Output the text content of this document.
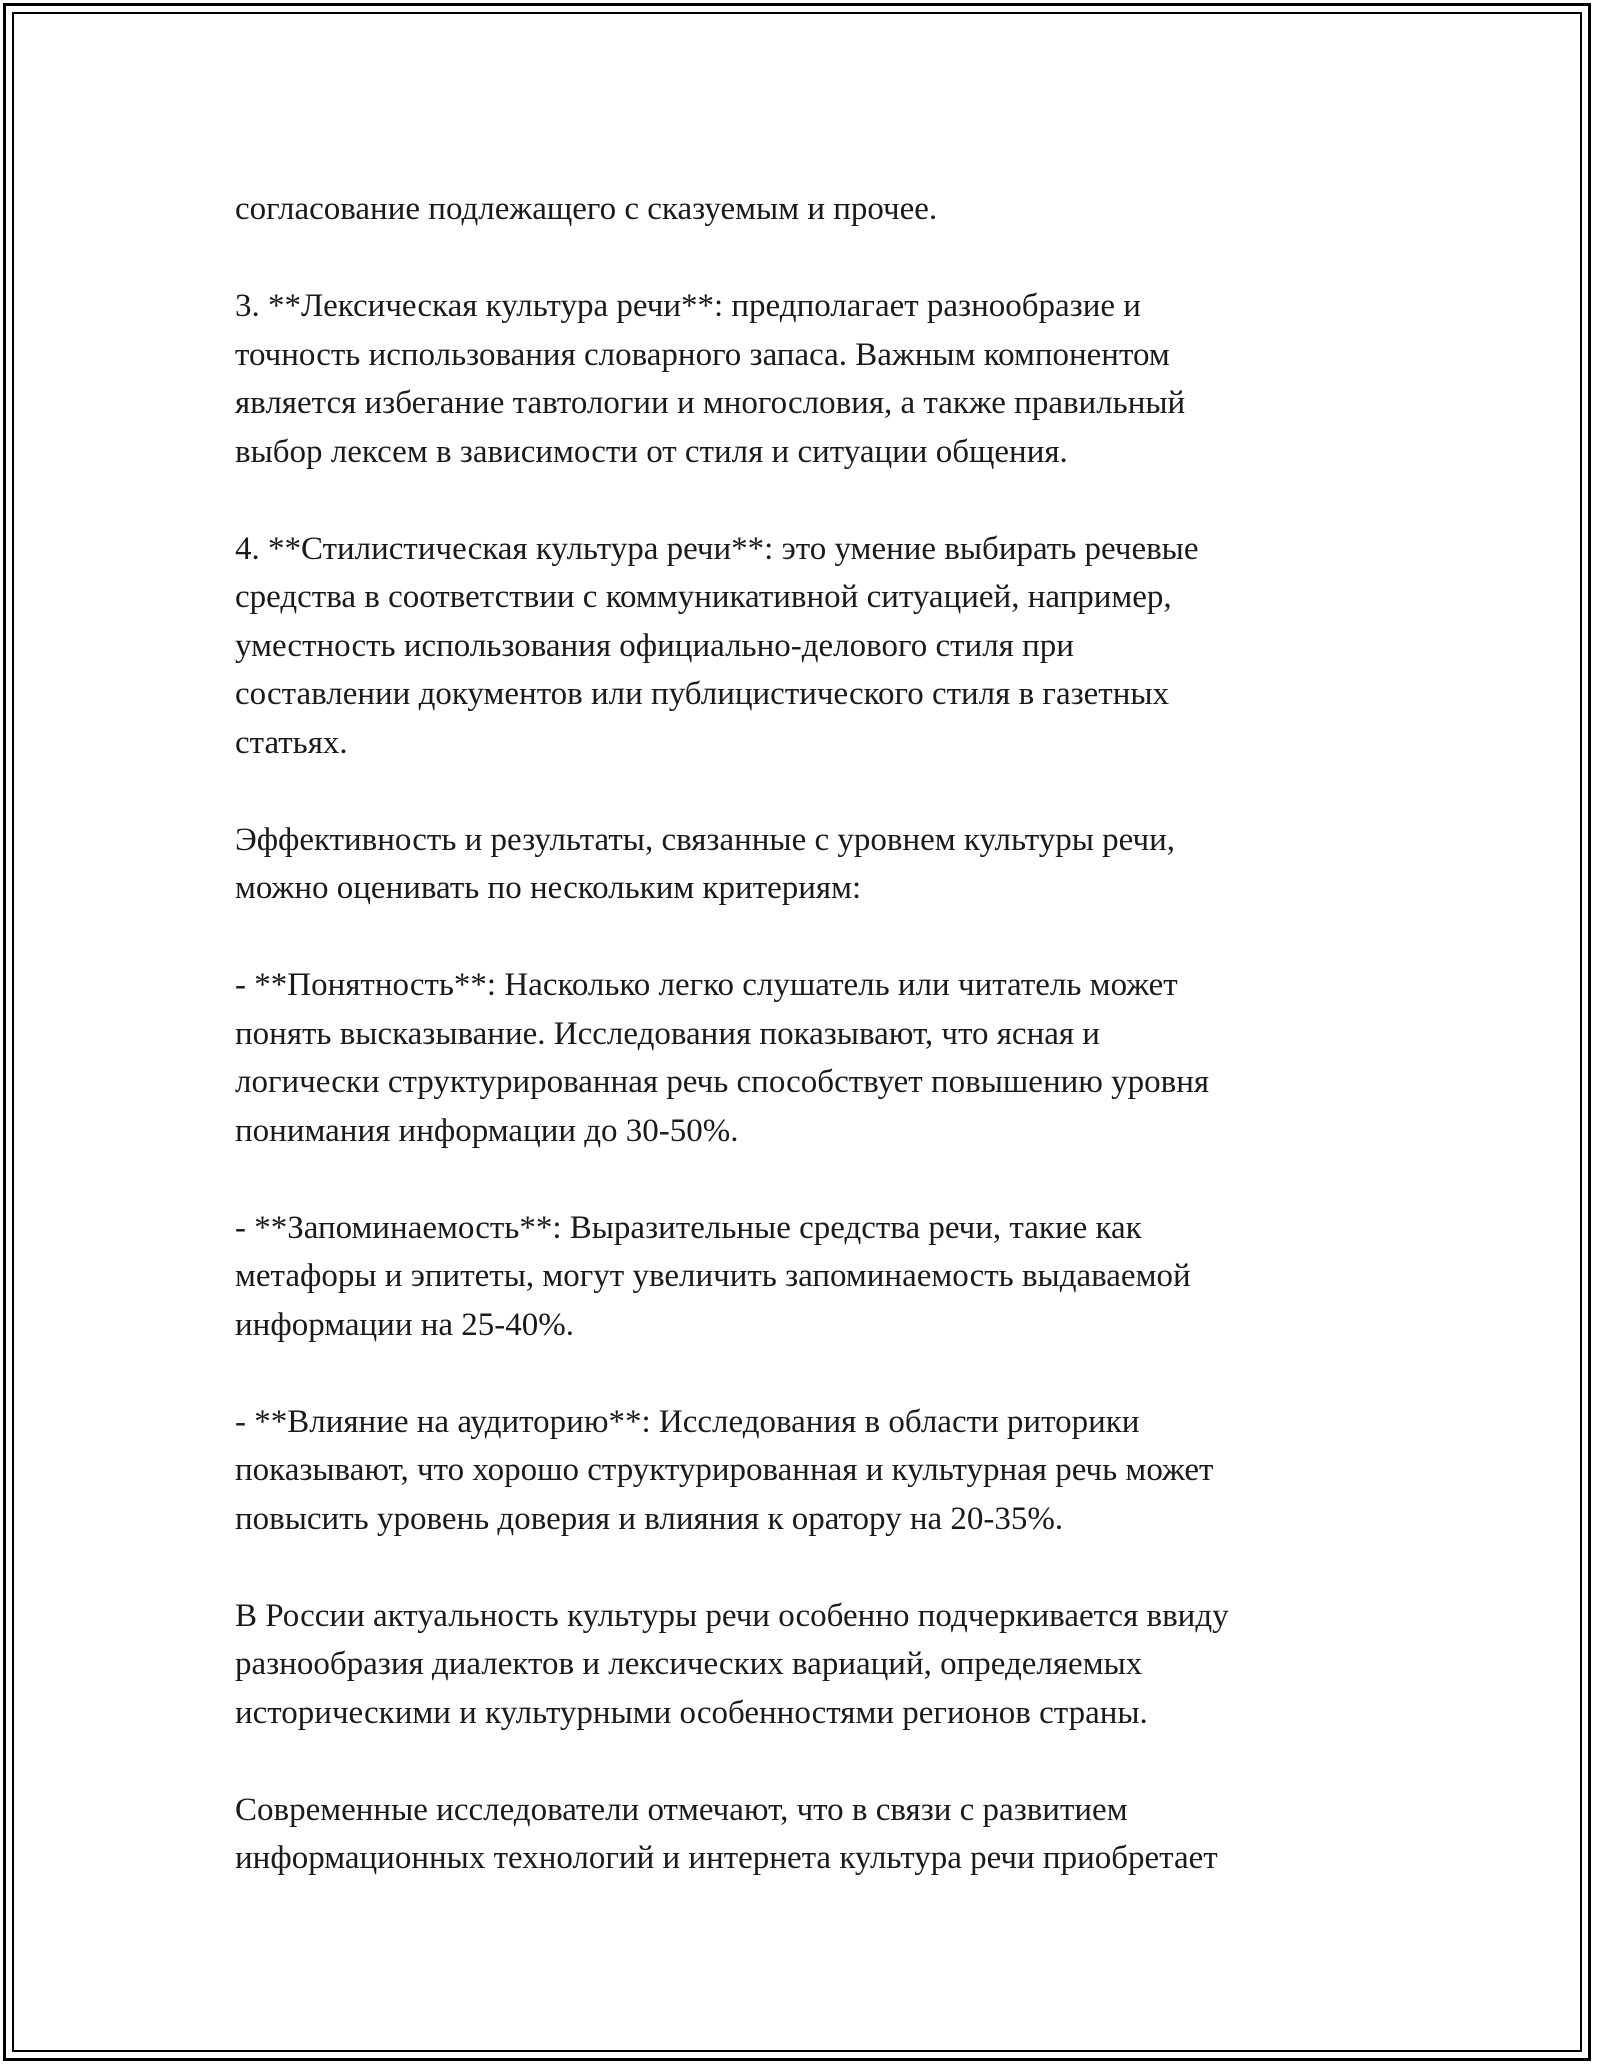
согласование подлежащего с сказуемым и прочее.

3. **Лексическая культура речи**: предполагает разнообразие и
точность использования словарного запаса. Важным компонентом
является избегание тавтологии и многословия, а также правильный
выбор лексем в зависимости от стиля и ситуации общения.

4. **Стилистическая культура речи**: это умение выбирать речевые
средства в соответствии с коммуникативной ситуацией, например,
уместность использования официально-делового стиля при
составлении документов или публицистического стиля в газетных
статьях.

Эффективность и результаты, связанные с уровнем культуры речи,
можно оценивать по нескольким критериям:

- **Понятность**: Насколько легко слушатель или читатель может
понять высказывание. Исследования показывают, что ясная и
логически структурированная речь способствует повышению уровня
понимания информации до 30-50%.

- **Запоминаемость**: Выразительные средства речи, такие как
метафоры и эпитеты, могут увеличить запоминаемость выдаваемой
информации на 25-40%.

- **Влияние на аудиторию**: Исследования в области риторики
показывают, что хорошо структурированная и культурная речь может
повысить уровень доверия и влияния к оратору на 20-35%.

В России актуальность культуры речи особенно подчеркивается ввиду
разнообразия диалектов и лексических вариаций, определяемых
историческими и культурными особенностями регионов страны.

Современные исследователи отмечают, что в связи с развитием
информационных технологий и интернета культура речи приобретает
